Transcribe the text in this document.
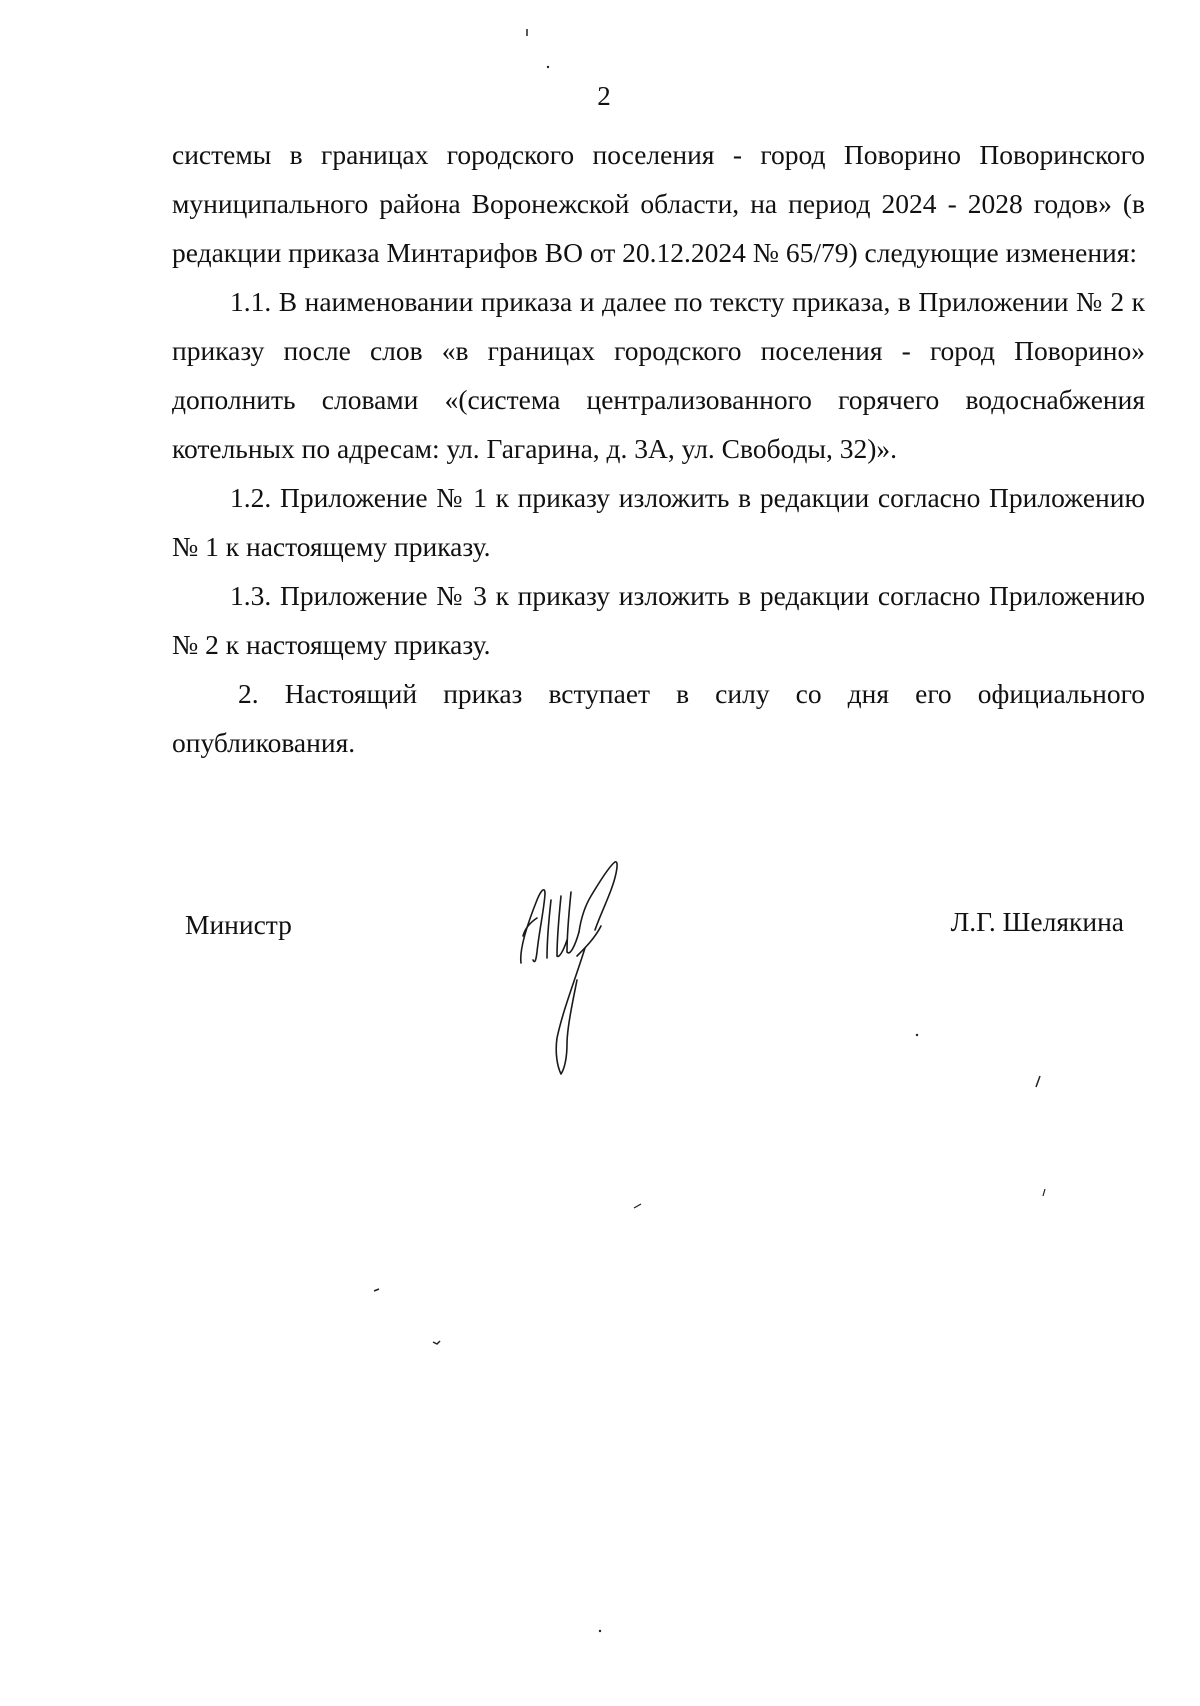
2

системы в границах городского поселения - город Поворино Поворинского муниципального района Воронежской области, на период 2024 - 2028 годов» (в редакции приказа Минтарифов ВО от 20.12.2024 № 65/79) следующие изменения:

1.1. В наименовании приказа и далее по тексту приказа, в Приложении № 2 к приказу после слов «в границах городского поселения - город Поворино» дополнить словами «(система централизованного горячего водоснабжения котельных по адресам: ул. Гагарина, д. 3А, ул. Свободы, 32)».

1.2. Приложение № 1 к приказу изложить в редакции согласно Приложению № 1 к настоящему приказу.

1.3. Приложение № 3 к приказу изложить в редакции согласно Приложению № 2 к настоящему приказу.

2. Настоящий приказ вступает в силу со дня его официального опубликования.

Министр	Л.Г. Шелякина
